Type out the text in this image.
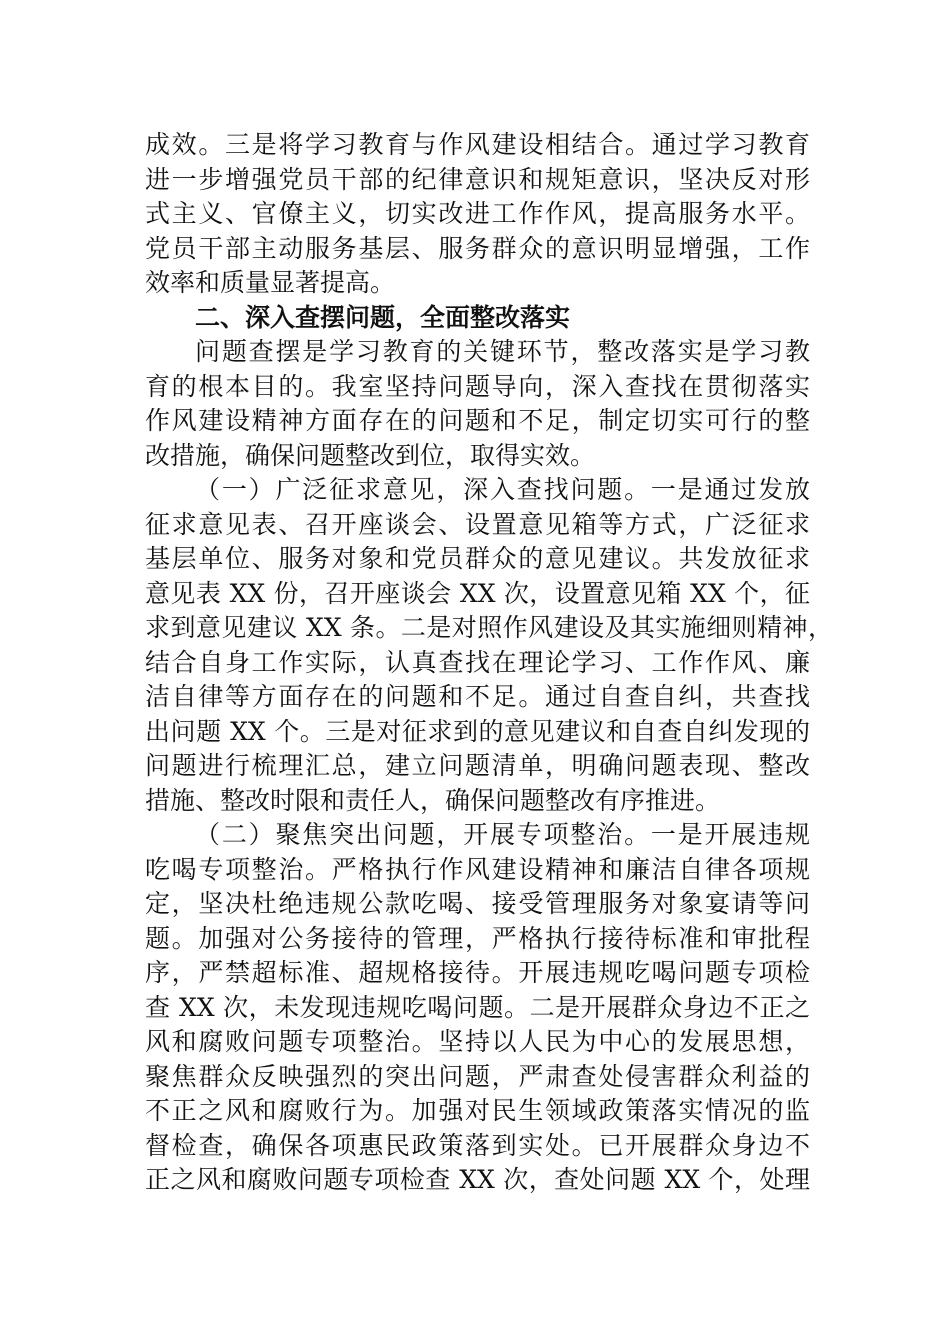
成效。三是将学习教育与作风建设相结合。通过学习教育
进一步增强党员干部的纪律意识和规矩意识，坚决反对形
式主义、官僚主义，切实改进工作作风，提高服务水平。
党员干部主动服务基层、服务群众的意识明显增强，工作
效率和质量显著提高。
二、深入查摆问题，全面整改落实
问题查摆是学习教育的关键环节，整改落实是学习教
育的根本目的。我室坚持问题导向，深入查找在贯彻落实
作风建设精神方面存在的问题和不足，制定切实可行的整
改措施，确保问题整改到位，取得实效。
（一）广泛征求意见，深入查找问题。一是通过发放
征求意见表、召开座谈会、设置意见箱等方式，广泛征求
基层单位、服务对象和党员群众的意见建议。共发放征求
意见表 XX 份，召开座谈会 XX 次，设置意见箱 XX 个，征
求到意见建议 XX 条。二是对照作风建设及其实施细则精神，
结合自身工作实际，认真查找在理论学习、工作作风、廉
洁自律等方面存在的问题和不足。通过自查自纠，共查找
出问题 XX 个。三是对征求到的意见建议和自查自纠发现的
问题进行梳理汇总，建立问题清单，明确问题表现、整改
措施、整改时限和责任人，确保问题整改有序推进。
（二）聚焦突出问题，开展专项整治。一是开展违规
吃喝专项整治。严格执行作风建设精神和廉洁自律各项规
定，坚决杜绝违规公款吃喝、接受管理服务对象宴请等问
题。加强对公务接待的管理，严格执行接待标准和审批程
序，严禁超标准、超规格接待。开展违规吃喝问题专项检
查 XX 次，未发现违规吃喝问题。二是开展群众身边不正之
风和腐败问题专项整治。坚持以人民为中心的发展思想，
聚焦群众反映强烈的突出问题，严肃查处侵害群众利益的
不正之风和腐败行为。加强对民生领域政策落实情况的监
督检查，确保各项惠民政策落到实处。已开展群众身边不
正之风和腐败问题专项检查 XX 次，查处问题 XX 个，处理
